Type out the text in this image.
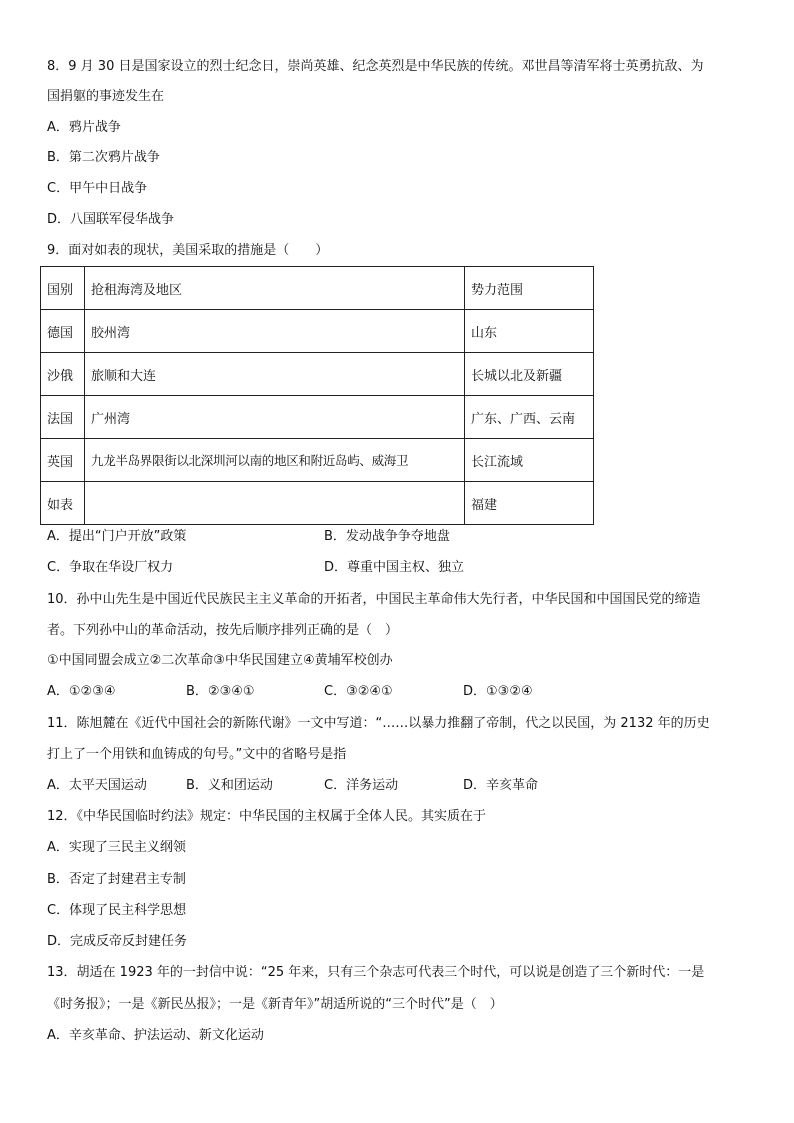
8．9 月 30 日是国家设立的烈士纪念日，崇尚英雄、纪念英烈是中华民族的传统。邓世昌等清军将士英勇抗敌、为
国捐躯的事迹发生在
A．鸦片战争
B．第二次鸦片战争
C．甲午中日战争
D．八国联军侵华战争
9．面对如表的现状，美国采取的措施是（　　）
国别	抢租海湾及地区	势力范围
德国	胶州湾	山东
沙俄	旅顺和大连	长城以北及新疆
法国	广州湾	广东、广西、云南
英国	九龙半岛界限街以北深圳河以南的地区和附近岛屿、威海卫	长江流域
如表		福建
A．提出“门户开放”政策	B．发动战争争夺地盘
C．争取在华设厂权力	D．尊重中国主权、独立
10．孙中山先生是中国近代民族民主主义革命的开拓者，中国民主革命伟大先行者，中华民国和中国国民党的缔造
者。下列孙中山的革命活动，按先后顺序排列正确的是（　）
①中国同盟会成立②二次革命③中华民国建立④黄埔军校创办
A．①②③④	B．②③④①	C．③②④①	D．①③②④
11．陈旭麓在《近代中国社会的新陈代谢》一文中写道：“……以暴力推翻了帝制，代之以民国，为 2132 年的历史
打上了一个用铁和血铸成的句号。”文中的省略号是指
A．太平天国运动	B．义和团运动	C．洋务运动	D．辛亥革命
12．《中华民国临时约法》规定：中华民国的主权属于全体人民。其实质在于
A．实现了三民主义纲领
B．否定了封建君主专制
C．体现了民主科学思想
D．完成反帝反封建任务
13．胡适在 1923 年的一封信中说：“25 年来，只有三个杂志可代表三个时代，可以说是创造了三个新时代：一是
《时务报》；一是《新民丛报》；一是《新青年》”胡适所说的“三个时代”是（　）
A．辛亥革命、护法运动、新文化运动
